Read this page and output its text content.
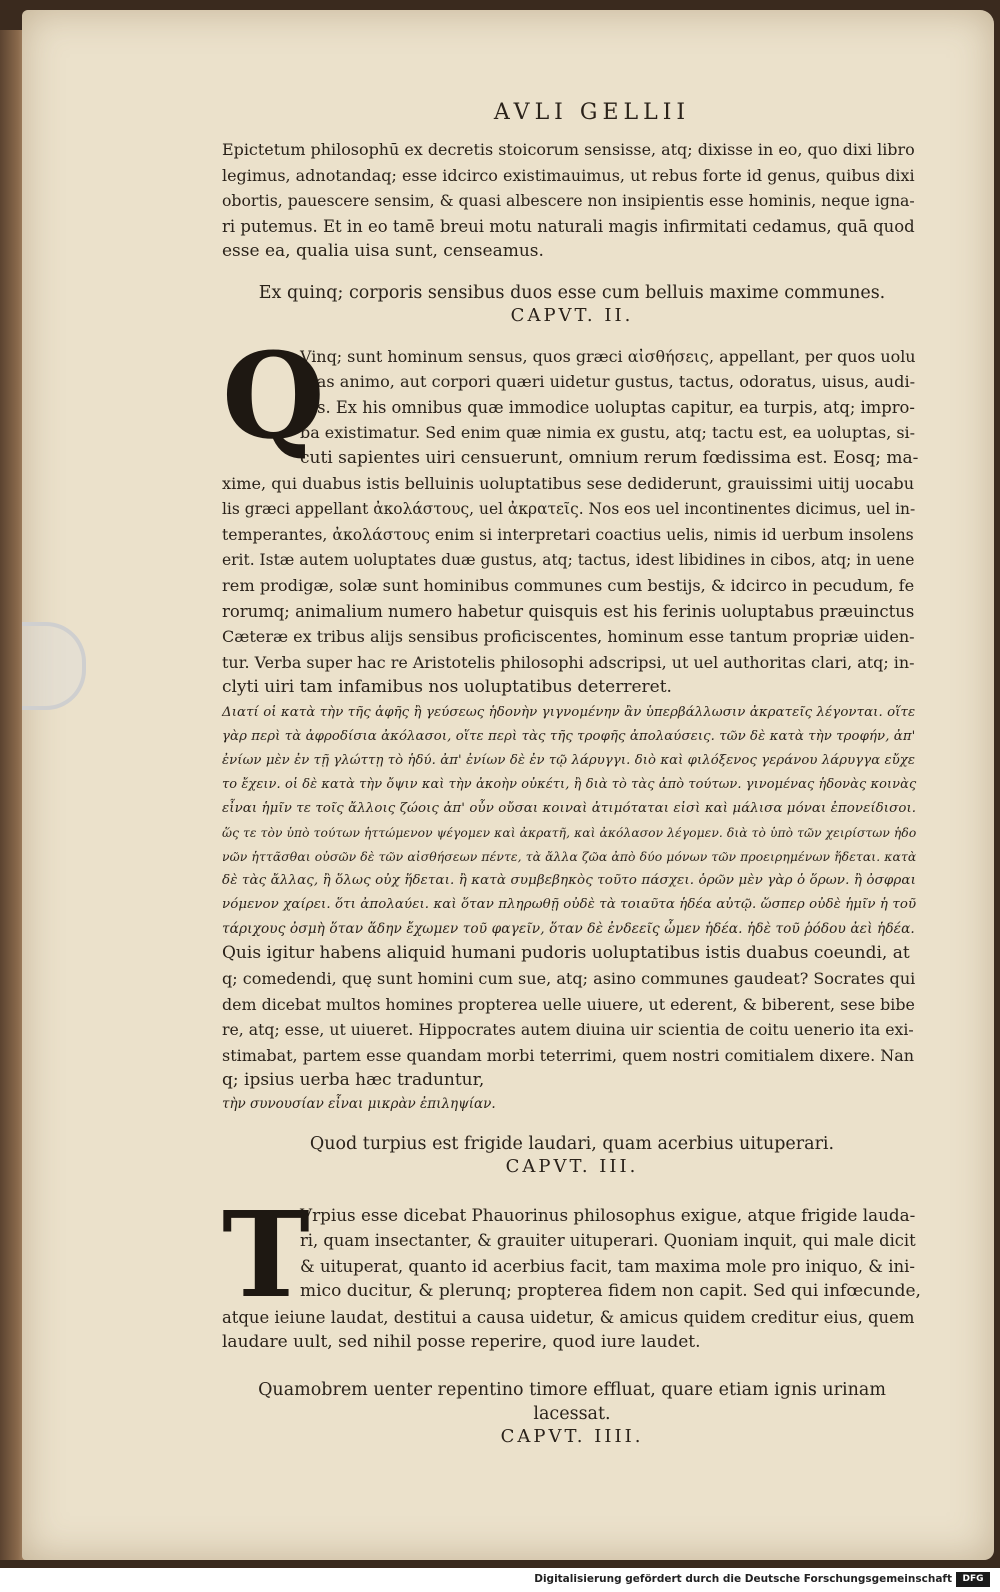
AVLI GELLII
Epictetum philosophū ex decretis stoicorum sensisse, atq; dixisse in eo, quo dixi libro
legimus, adnotandaq; esse idcirco existimauimus, ut rebus forte id genus, quibus dixi
obortis, pauescere sensim, & quasi albescere non insipientis esse hominis, neque igna-
ri putemus. Et in eo tamē breui motu naturali magis infirmitati cedamus, quā quod
esse ea, qualia uisa sunt, censeamus.
Ex quinq; corporis sensibus duos esse cum belluis maxime communes.
CAPVT. II.
Q
Vinq; sunt hominum sensus, quos græci αἰσθήσεις, appellant, per quos uolu
ptas animo, aut corpori quæri uidetur gustus, tactus, odoratus, uisus, audi-
tus. Ex his omnibus quæ immodice uoluptas capitur, ea turpis, atq; impro-
ba existimatur. Sed enim quæ nimia ex gustu, atq; tactu est, ea uoluptas, si-
cuti sapientes uiri censuerunt, omnium rerum fœdissima est. Eosq; ma-
xime, qui duabus istis belluinis uoluptatibus sese dediderunt, grauissimi uitij uocabu
lis græci appellant ἀκολάστους, uel ἀκρατεῖς. Nos eos uel incontinentes dicimus, uel in-
temperantes, ἀκολάστους enim si interpretari coactius uelis, nimis id uerbum insolens
erit. Istæ autem uoluptates duæ gustus, atq; tactus, idest libidines in cibos, atq; in uene
rem prodigæ, solæ sunt hominibus communes cum bestijs, & idcirco in pecudum, fe
rorumq; animalium numero habetur quisquis est his ferinis uoluptabus præuinctus
Cæteræ ex tribus alijs sensibus proficiscentes, hominum esse tantum propriæ uiden-
tur. Verba super hac re Aristotelis philosophi adscripsi, ut uel authoritas clari, atq; in-
clyti uiri tam infamibus nos uoluptatibus deterreret.
Διατί οἱ κατὰ τὴν τῆς ἁφῆς ἢ γεύσεως ἡδονὴν γιγνομένην ἂν ὑπερβάλλωσιν ἀκρατεῖς λέγονται. οἵτε
γὰρ περὶ τὰ ἀφροδίσια ἀκόλασοι, οἵτε περὶ τὰς τῆς τροφῆς ἀπολαύσεις. τῶν δὲ κατὰ τὴν τροφήν, ἀπ'
ἐνίων μὲν ἐν τῇ γλώττῃ τὸ ἡδύ. ἀπ' ἐνίων δὲ ἐν τῷ λάρυγγι. διὸ καὶ φιλόξενος γεράνου λάρυγγα εὔχε
το ἔχειν. οἱ δὲ κατὰ τὴν ὄψιν καὶ τὴν ἀκοὴν οὐκέτι, ἢ διὰ τὸ τὰς ἀπὸ τούτων. γινομένας ἡδονὰς κοινὰς
εἶναι ἡμῖν τε τοῖς ἄλλοις ζώοις ἀπ' οὖν οὔσαι κοιναὶ ἀτιμόταται εἰσὶ καὶ μάλισα μόναι ἐπονείδισοι.
ὥς τε τὸν ὑπὸ τούτων ἡττώμενον ψέγομεν καὶ ἀκρατῆ, καὶ ἀκόλασον λέγομεν. διὰ τὸ ὑπὸ τῶν χειρίστων ἡδο
νῶν ἡττᾶσθαι οὐσῶν δὲ τῶν αἰσθήσεων πέντε, τὰ ἄλλα ζῶα ἀπὸ δύο μόνων τῶν προειρημένων ἥδεται. κατὰ
δὲ τὰς ἄλλας, ἢ ὅλως οὐχ ἥδεται. ἢ κατὰ συμβεβηκὸς τοῦτο πάσχει. ὁρῶν μὲν γὰρ ὁ ὅρων. ἢ ὀσφραι
νόμενον χαίρει. ὅτι ἀπολαύει. καὶ ὅταν πληρωθῇ οὐδὲ τὰ τοιαῦτα ἡδέα αὐτῷ. ὥσπερ οὐδὲ ἡμῖν ἡ τοῦ
τάριχους ὀσμὴ ὅταν ἅδην ἔχωμεν τοῦ φαγεῖν, ὅταν δὲ ἐνδεεῖς ὦμεν ἡδέα. ἡδὲ τοῦ ῥόδου ἀεὶ ἡδέα.
Quis igitur habens aliquid humani pudoris uoluptatibus istis duabus coeundi, at
q; comedendi, quę sunt homini cum sue, atq; asino communes gaudeat? Socrates qui
dem dicebat multos homines propterea uelle uiuere, ut ederent, & biberent, sese bibe
re, atq; esse, ut uiueret. Hippocrates autem diuina uir scientia de coitu uenerio ita exi-
stimabat, partem esse quandam morbi teterrimi, quem nostri comitialem dixere. Nan
q; ipsius uerba hæc traduntur,
τὴν συνουσίαν εἶναι μικρὰν ἐπιληψίαν.
Quod turpius est frigide laudari, quam acerbius uituperari.
CAPVT. III.
T
Vrpius esse dicebat Phauorinus philosophus exigue, atque frigide lauda-
ri, quam insectanter, & grauiter uituperari. Quoniam inquit, qui male dicit
& uituperat, quanto id acerbius facit, tam maxima mole pro iniquo, & ini-
mico ducitur, & plerunq; propterea fidem non capit. Sed qui infœcunde,
atque ieiune laudat, destitui a causa uidetur, & amicus quidem creditur eius, quem
laudare uult, sed nihil posse reperire, quod iure laudet.
Quamobrem uenter repentino timore effluat, quare etiam ignis urinam lacessat.
CAPVT. IIII.
Digitalisierung gefördert durch die Deutsche Forschungsgemeinschaft	DFG
